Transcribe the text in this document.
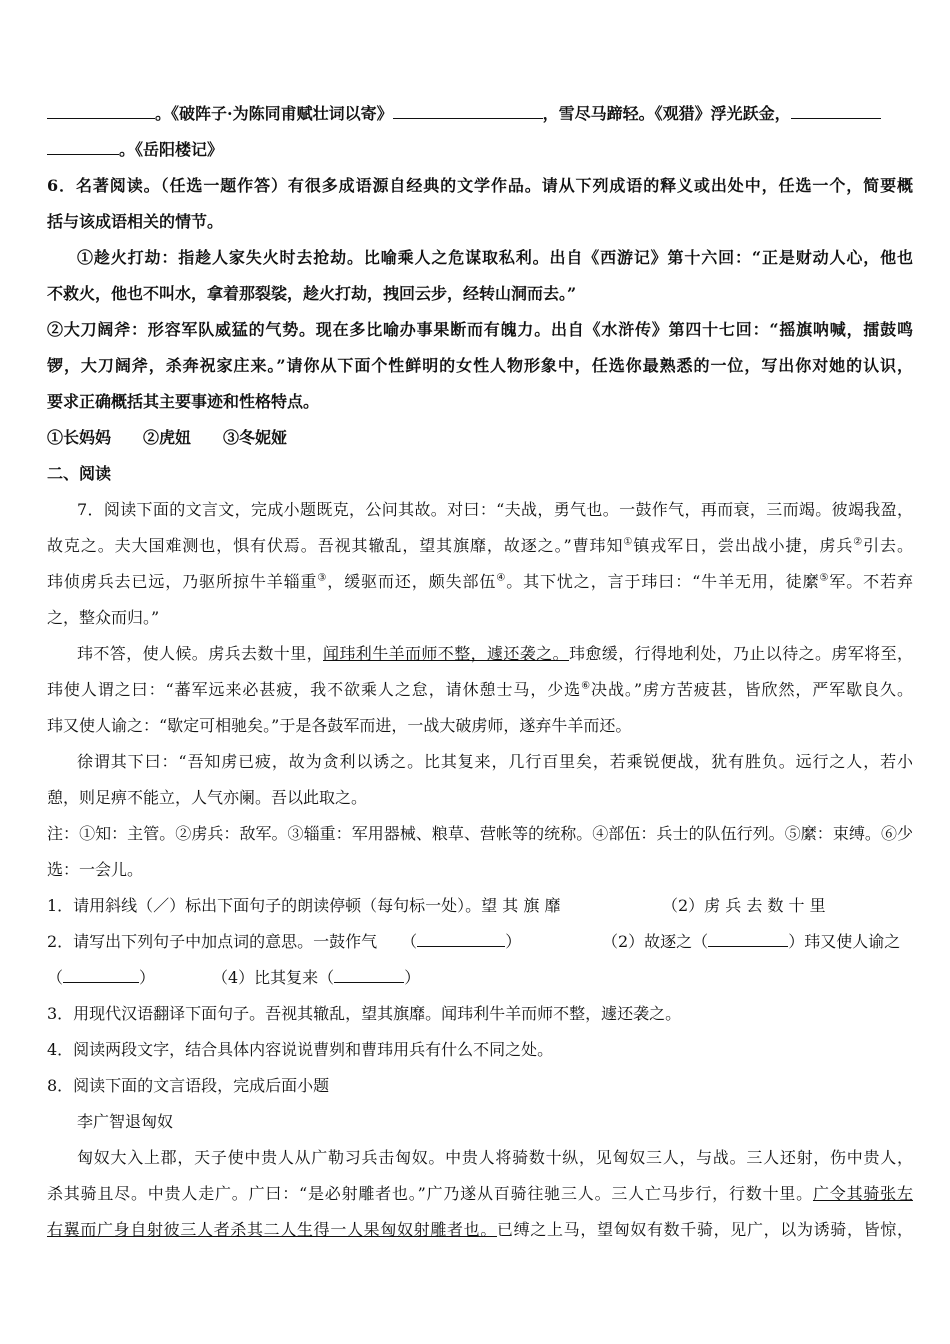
。《破阵子·为陈同甫赋壮词以寄》	，雪尽马蹄轻。《观猎》浮光跃金，
。《岳阳楼记》
6．名著阅读。（任选一题作答）有很多成语源自经典的文学作品。请从下列成语的释义或出处中，任选一个，简要概
括与该成语相关的情节。
①趁火打劫：指趁人家失火时去抢劫。比喻乘人之危谋取私利。出自《西游记》第十六回：“正是财动人心，他也
不救火，他也不叫水，拿着那裂裟，趁火打劫，拽回云步，经转山洞而去。”
②大刀阔斧：形容军队威猛的气势。现在多比喻办事果断而有魄力。出自《水浒传》第四十七回：“摇旗呐喊，擂鼓鸣
锣，大刀阔斧，杀奔祝家庄来。”请你从下面个性鲜明的女性人物形象中，任选你最熟悉的一位，写出你对她的认识，
要求正确概括其主要事迹和性格特点。
①长妈妈　　②虎妞　　③冬妮娅
二、阅读
7．阅读下面的文言文，完成小题既克，公问其故。对曰：“夫战，勇气也。一鼓作气，再而衰，三而竭。彼竭我盈，
故克之。夫大国难测也，惧有伏焉。吾视其辙乱，望其旗靡，故逐之。”曹玮知①镇戎军日，尝出战小捷，虏兵②引去。
玮侦虏兵去已远，乃驱所掠牛羊辎重③，缓驱而还，颇失部伍④。其下忧之，言于玮曰：“牛羊无用，徒縻⑤军。不若弃
之，整众而归。”
玮不答，使人候。虏兵去数十里，闻玮利牛羊而师不整，遽还袭之。玮愈缓，行得地利处，乃止以待之。虏军将至，
玮使人谓之曰：“蕃军远来必甚疲，我不欲乘人之怠，请休憩士马，少选⑥决战。”虏方苦疲甚，皆欣然，严军歇良久。
玮又使人谕之：“歇定可相驰矣。”于是各鼓军而进，一战大破虏师，遂弃牛羊而还。
徐谓其下曰：“吾知虏已疲，故为贪利以诱之。比其复来，几行百里矣，若乘锐便战，犹有胜负。远行之人，若小
憩，则足痹不能立，人气亦阑。吾以此取之。
注：①知：主管。②虏兵：敌军。③辎重：军用器械、粮草、营帐等的统称。④部伍：兵士的队伍行列。⑤縻：束缚。⑥少
选：一会儿。
1．请用斜线（／）标出下面句子的朗读停顿（每句标一处）。望 其 旗 靡	（2）虏 兵 去 数 十 里
2．请写出下列句子中加点词的意思。一鼓作气　　（	）	（2）故逐之（	）玮又使人谕之
（	）	（4）比其复来（	）
3．用现代汉语翻译下面句子。吾视其辙乱，望其旗靡。闻玮利牛羊而师不整，遽还袭之。
4．阅读两段文字，结合具体内容说说曹刿和曹玮用兵有什么不同之处。
8．阅读下面的文言语段，完成后面小题
李广智退匈奴
匈奴大入上郡，天子使中贵人从广勒习兵击匈奴。中贵人将骑数十纵，见匈奴三人，与战。三人还射，伤中贵人，
杀其骑且尽。中贵人走广。广曰：“是必射雕者也。”广乃遂从百骑往驰三人。三人亡马步行，行数十里。广令其骑张左
右翼而广身自射彼三人者杀其二人生得一人果匈奴射雕者也。已缚之上马，望匈奴有数千骑，见广，以为诱骑，皆惊，
